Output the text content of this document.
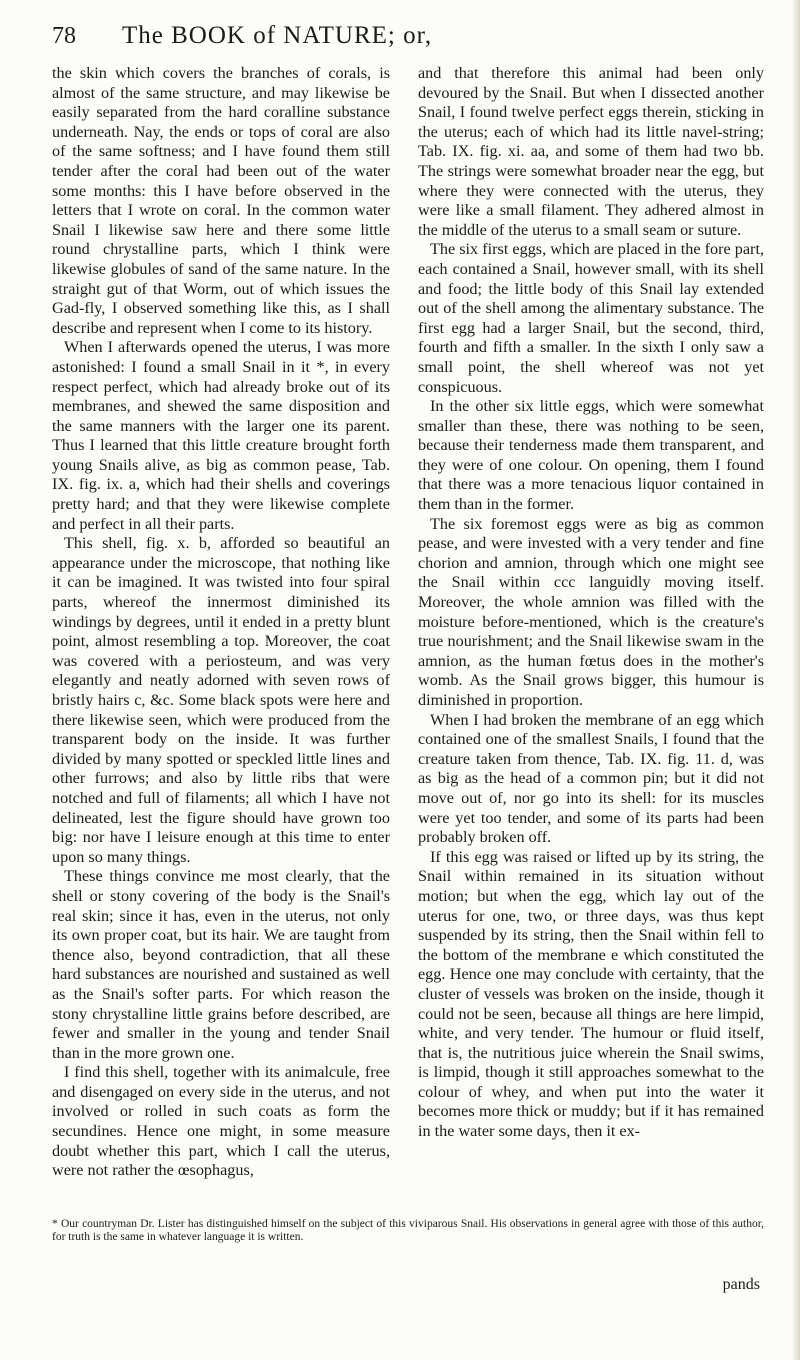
78	The BOOK of NATURE; or,

the skin which covers the branches of corals, is almost of the same structure, and may likewise be easily separated from the hard coralline substance underneath. Nay, the ends or tops of coral are also of the same softness; and I have found them still tender after the coral had been out of the water some months: this I have before observed in the letters that I wrote on coral. In the common water Snail I likewise saw here and there some little round chrystalline parts, which I think were likewise globules of sand of the same nature. In the straight gut of that Worm, out of which issues the Gad-fly, I observed something like this, as I shall describe and represent when I come to its history.

When I afterwards opened the uterus, I was more astonished: I found a small Snail in it *, in every respect perfect, which had already broke out of its membranes, and shewed the same disposition and the same manners with the larger one its parent. Thus I learned that this little creature brought forth young Snails alive, as big as common pease, Tab. IX. fig. ix. a, which had their shells and coverings pretty hard; and that they were likewise complete and perfect in all their parts.

This shell, fig. x. b, afforded so beautiful an appearance under the microscope, that nothing like it can be imagined. It was twisted into four spiral parts, whereof the innermost diminished its windings by degrees, until it ended in a pretty blunt point, almost resembling a top. Moreover, the coat was covered with a periosteum, and was very elegantly and neatly adorned with seven rows of bristly hairs c, &c. Some black spots were here and there likewise seen, which were produced from the transparent body on the inside. It was further divided by many spotted or speckled little lines and other furrows; and also by little ribs that were notched and full of filaments; all which I have not delineated, lest the figure should have grown too big: nor have I leisure enough at this time to enter upon so many things.

These things convince me most clearly, that the shell or stony covering of the body is the Snail's real skin; since it has, even in the uterus, not only its own proper coat, but its hair. We are taught from thence also, beyond contradiction, that all these hard substances are nourished and sustained as well as the Snail's softer parts. For which reason the stony chrystalline little grains before described, are fewer and smaller in the young and tender Snail than in the more grown one.

I find this shell, together with its animalcule, free and disengaged on every side in the uterus, and not involved or rolled in such coats as form the secundines. Hence one might, in some measure doubt whether this part, which I call the uterus, were not rather the œsophagus,

and that therefore this animal had been only devoured by the Snail. But when I dissected another Snail, I found twelve perfect eggs therein, sticking in the uterus; each of which had its little navel-string; Tab. IX. fig. xi. aa, and some of them had two bb. The strings were somewhat broader near the egg, but where they were connected with the uterus, they were like a small filament. They adhered almost in the middle of the uterus to a small seam or suture.

The six first eggs, which are placed in the fore part, each contained a Snail, however small, with its shell and food; the little body of this Snail lay extended out of the shell among the alimentary substance. The first egg had a larger Snail, but the second, third, fourth and fifth a smaller. In the sixth I only saw a small point, the shell whereof was not yet conspicuous.

In the other six little eggs, which were somewhat smaller than these, there was nothing to be seen, because their tenderness made them transparent, and they were of one colour. On opening, them I found that there was a more tenacious liquor contained in them than in the former.

The six foremost eggs were as big as common pease, and were invested with a very tender and fine chorion and amnion, through which one might see the Snail within ccc languidly moving itself. Moreover, the whole amnion was filled with the moisture before-mentioned, which is the creature's true nourishment; and the Snail likewise swam in the amnion, as the human fœtus does in the mother's womb. As the Snail grows bigger, this humour is diminished in proportion.

When I had broken the membrane of an egg which contained one of the smallest Snails, I found that the creature taken from thence, Tab. IX. fig. 11. d, was as big as the head of a common pin; but it did not move out of, nor go into its shell: for its muscles were yet too tender, and some of its parts had been probably broken off.

If this egg was raised or lifted up by its string, the Snail within remained in its situation without motion; but when the egg, which lay out of the uterus for one, two, or three days, was thus kept suspended by its string, then the Snail within fell to the bottom of the membrane e which constituted the egg. Hence one may conclude with certainty, that the cluster of vessels was broken on the inside, though it could not be seen, because all things are here limpid, white, and very tender. The humour or fluid itself, that is, the nutritious juice wherein the Snail swims, is limpid, though it still approaches somewhat to the colour of whey, and when put into the water it becomes more thick or muddy; but if it has remained in the water some days, then it ex-

* Our countryman Dr. Lister has distinguished himself on the subject of this viviparous Snail. His observations in general agree with those of this author, for truth is the same in whatever language it is written.
pands
